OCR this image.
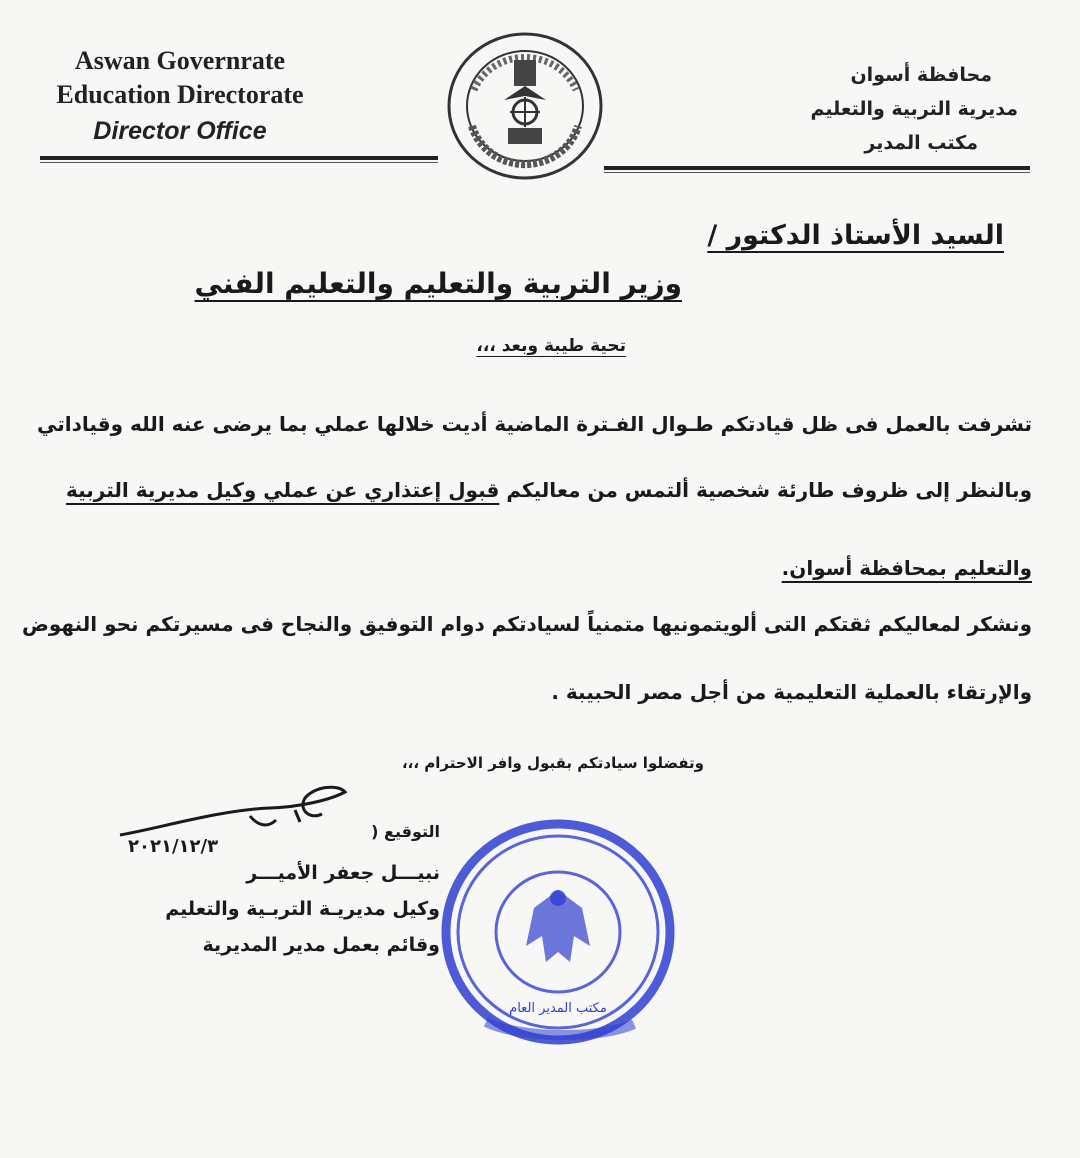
Aswan Governrate
Education Directorate
Director Office
محافظة أسوان
مديرية التربية والتعليم
مكتب المدير
السيد الأستاذ الدكتور /
وزير التربية والتعليم والتعليم الفني
تحية طيبة وبعد ،،،
تشرفت بالعمل فى ظل قيادتكم طـوال الفـترة الماضية أديت خلالها عملي بما يرضى عنه الله وقياداتي
وبالنظر إلى ظروف طارئة شخصية ألتمس من معاليكم قبول إعتذاري عن عملي وكيل مديرية التربية
والتعليم بمحافظة أسوان.
ونشكر لمعاليكم ثقتكم التى ألويتمونيها متمنياً لسيادتكم دوام التوفيق والنجاح فى مسيرتكم نحو النهوض
والإرتقاء بالعملية التعليمية من أجل مصر الحبيبة .
وتفضلوا سيادتكم بقبول وافر الاحترام ،،،
٢٠٢١/١٢/٣
التوقيع (
نبيـــل جعفر الأميـــر
وكيل مديريـة التربـية والتعليم
وقائم بعمل مدير المديرية
مكتب المدير العام
